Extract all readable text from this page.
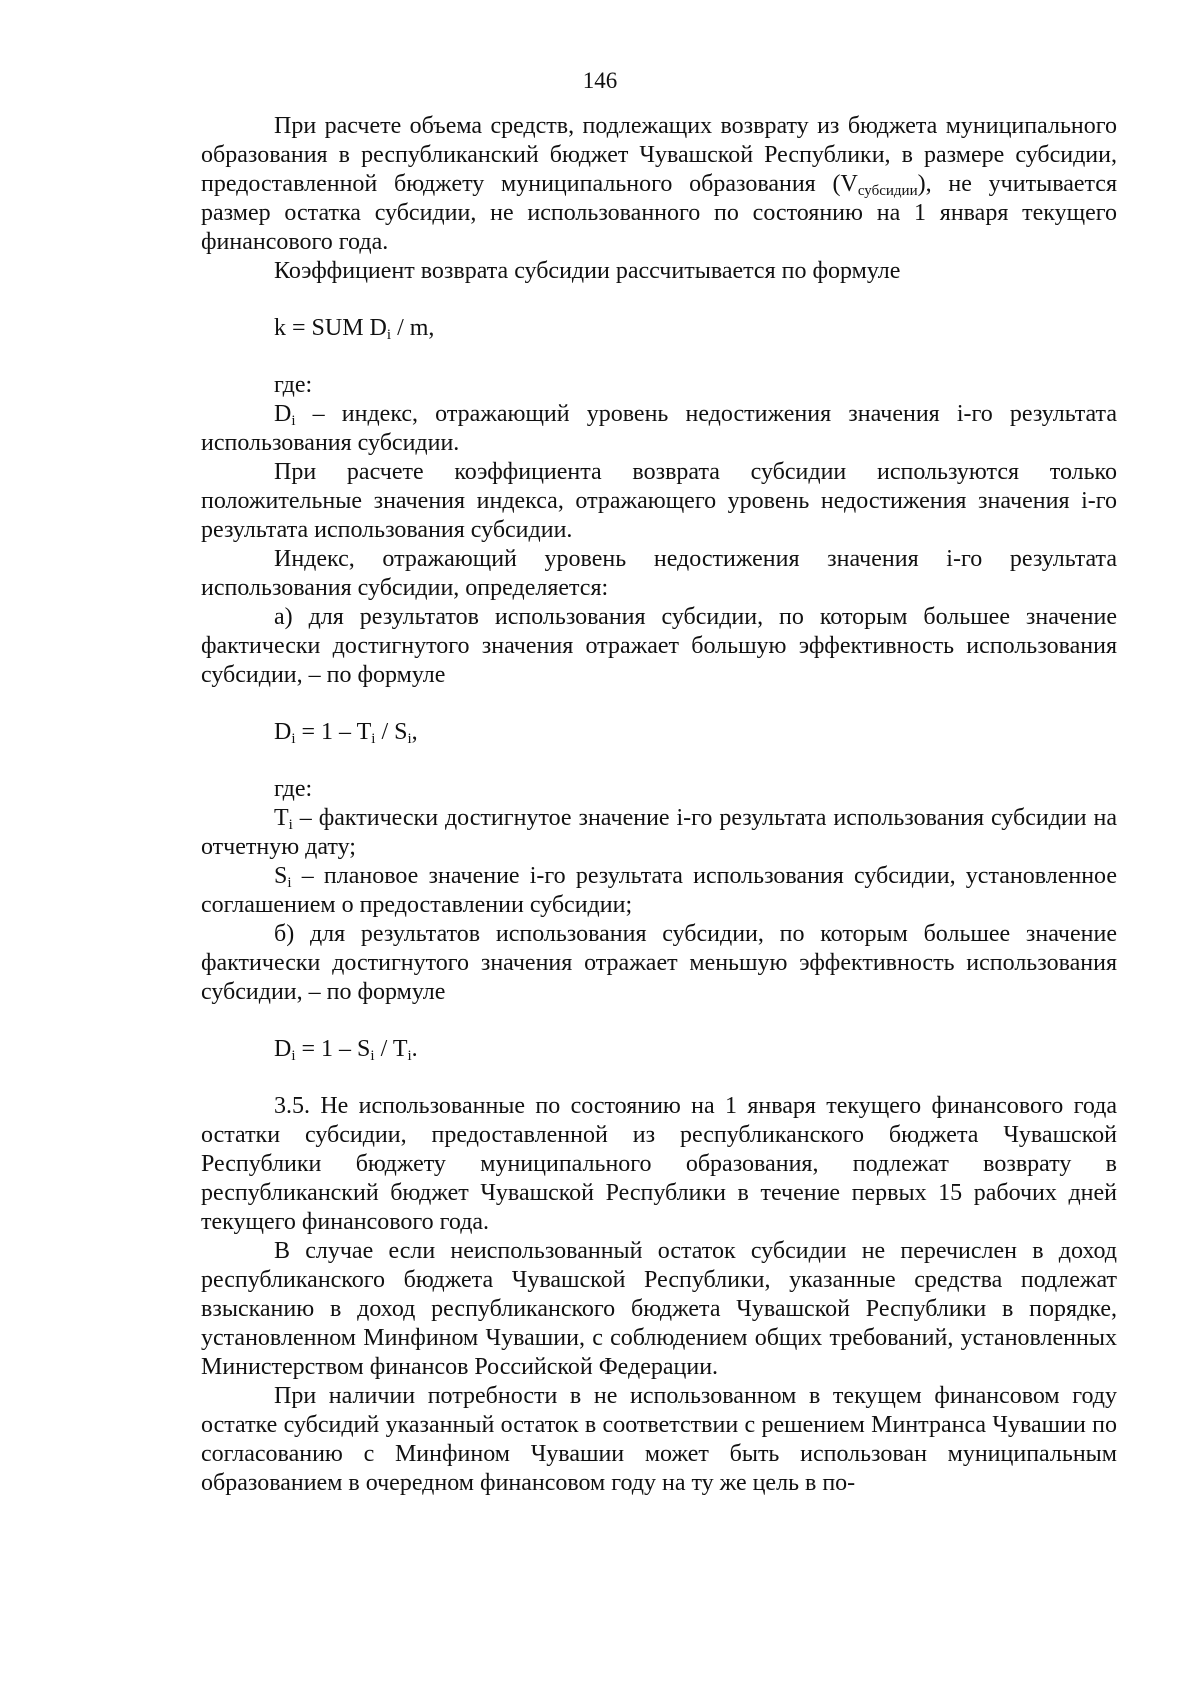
146

При расчете объема средств, подлежащих возврату из бюджета муниципального образования в республиканский бюджет Чувашской Республики, в размере субсидии, предоставленной бюджету муниципального образования $(V_{субсидии})$, не учитывается размер остатка субсидии, не использованного по состоянию на 1 января текущего финансового года.

Коэффициент возврата субсидии рассчитывается по формуле

k = SUM $D_i$ / m,

где:

$D_i$ – индекс, отражающий уровень недостижения значения i-го результата использования субсидии.

При расчете коэффициента возврата субсидии используются только положительные значения индекса, отражающего уровень недостижения значения i-го результата использования субсидии.

Индекс, отражающий уровень недостижения значения i-го результата использования субсидии, определяется:

а) для результатов использования субсидии, по которым большее значение фактически достигнутого значения отражает большую эффективность использования субсидии, – по формуле

$D_i = 1 - T_i / S_i$,

где:

$T_i$ – фактически достигнутое значение i-го результата использования субсидии на отчетную дату;

$S_i$ – плановое значение i-го результата использования субсидии, установленное соглашением о предоставлении субсидии;

б) для результатов использования субсидии, по которым большее значение фактически достигнутого значения отражает меньшую эффективность использования субсидии, – по формуле

$D_i = 1 - S_i / T_i$.

3.5. Не использованные по состоянию на 1 января текущего финансового года остатки субсидии, предоставленной из республиканского бюджета Чувашской Республики бюджету муниципального образования, подлежат возврату в республиканский бюджет Чувашской Республики в течение первых 15 рабочих дней текущего финансового года.

В случае если неиспользованный остаток субсидии не перечислен в доход республиканского бюджета Чувашской Республики, указанные средства подлежат взысканию в доход республиканского бюджета Чувашской Республики в порядке, установленном Минфином Чувашии, с соблюдением общих требований, установленных Министерством финансов Российской Федерации.

При наличии потребности в не использованном в текущем финансовом году остатке субсидий указанный остаток в соответствии с решением Минтранса Чувашии по согласованию с Минфином Чувашии может быть использован муниципальным образованием в очередном финансовом году на ту же цель в по-
